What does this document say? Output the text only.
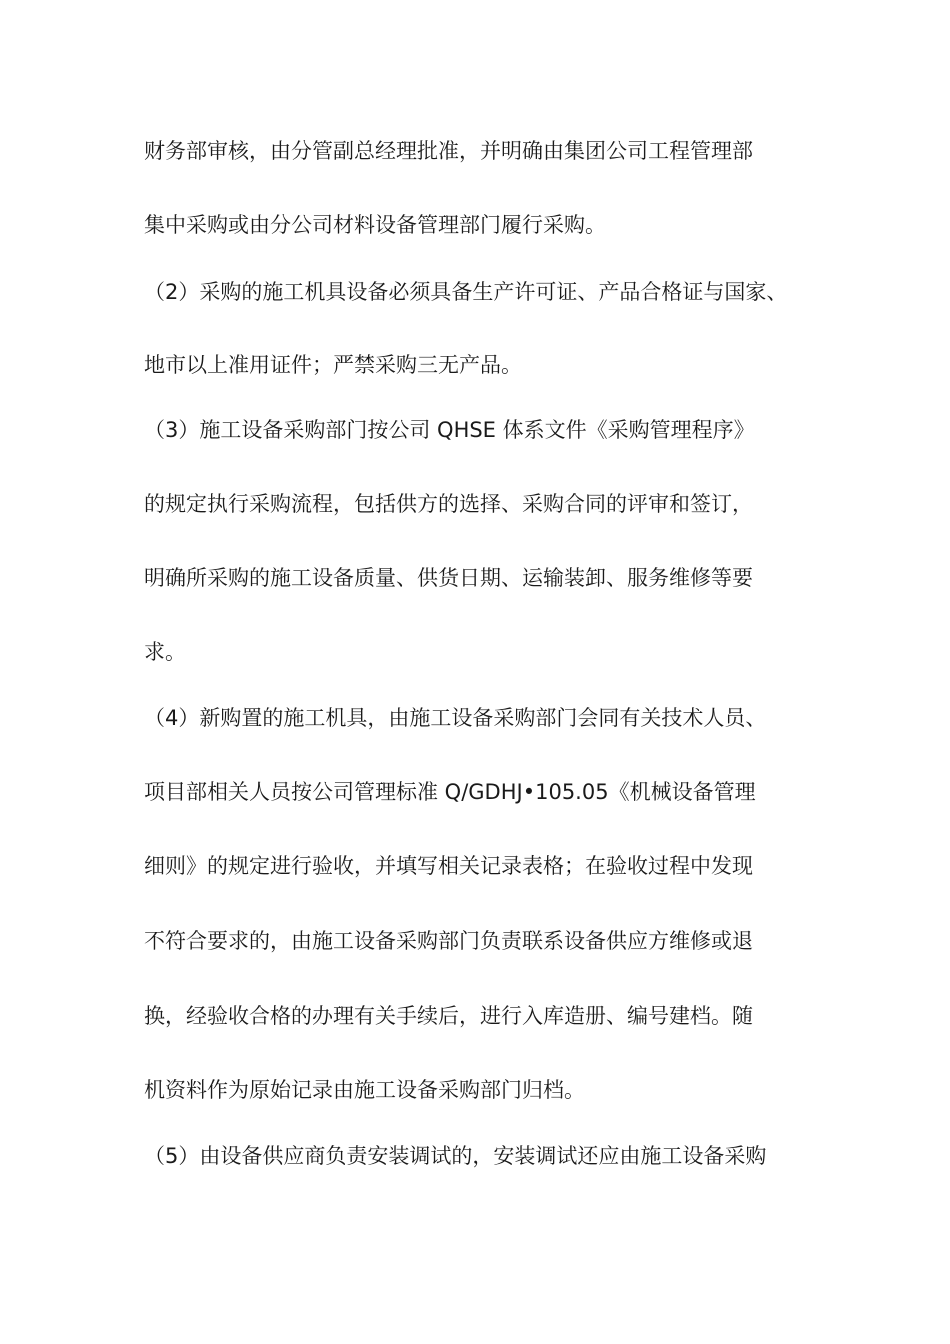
财务部审核，由分管副总经理批准，并明确由集团公司工程管理部
集中采购或由分公司材料设备管理部门履行采购。
（2）采购的施工机具设备必须具备生产许可证、产品合格证与国家、
地市以上准用证件；严禁采购三无产品。
（3）施工设备采购部门按公司 QHSE 体系文件《采购管理程序》
的规定执行采购流程，包括供方的选择、采购合同的评审和签订，
明确所采购的施工设备质量、供货日期、运输装卸、服务维修等要
求。
（4）新购置的施工机具，由施工设备采购部门会同有关技术人员、
项目部相关人员按公司管理标准 Q/GDHJ•105.05《机械设备管理
细则》的规定进行验收，并填写相关记录表格；在验收过程中发现
不符合要求的，由施工设备采购部门负责联系设备供应方维修或退
换，经验收合格的办理有关手续后，进行入库造册、编号建档。随
机资料作为原始记录由施工设备采购部门归档。
（5）由设备供应商负责安装调试的，安装调试还应由施工设备采购
